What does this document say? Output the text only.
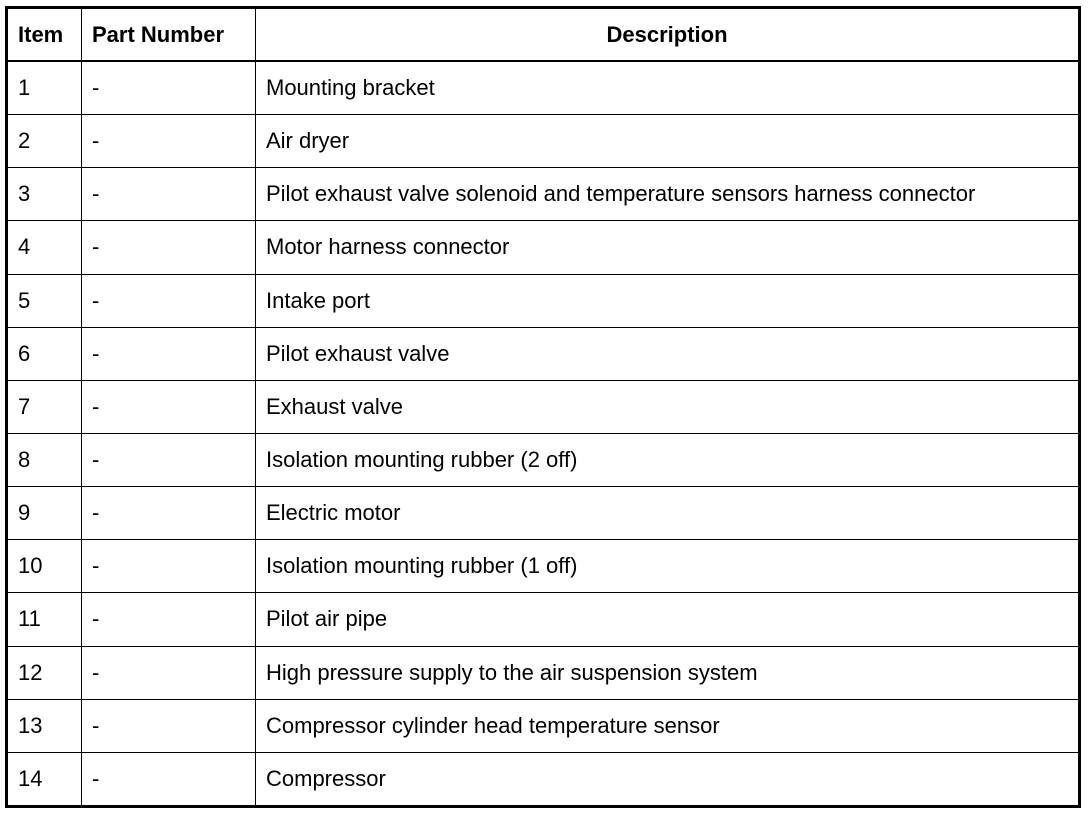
Item	Part Number	Description
1	-	Mounting bracket
2	-	Air dryer
3	-	Pilot exhaust valve solenoid and temperature sensors harness connector
4	-	Motor harness connector
5	-	Intake port
6	-	Pilot exhaust valve
7	-	Exhaust valve
8	-	Isolation mounting rubber (2 off)
9	-	Electric motor
10	-	Isolation mounting rubber (1 off)
11	-	Pilot air pipe
12	-	High pressure supply to the air suspension system
13	-	Compressor cylinder head temperature sensor
14	-	Compressor
